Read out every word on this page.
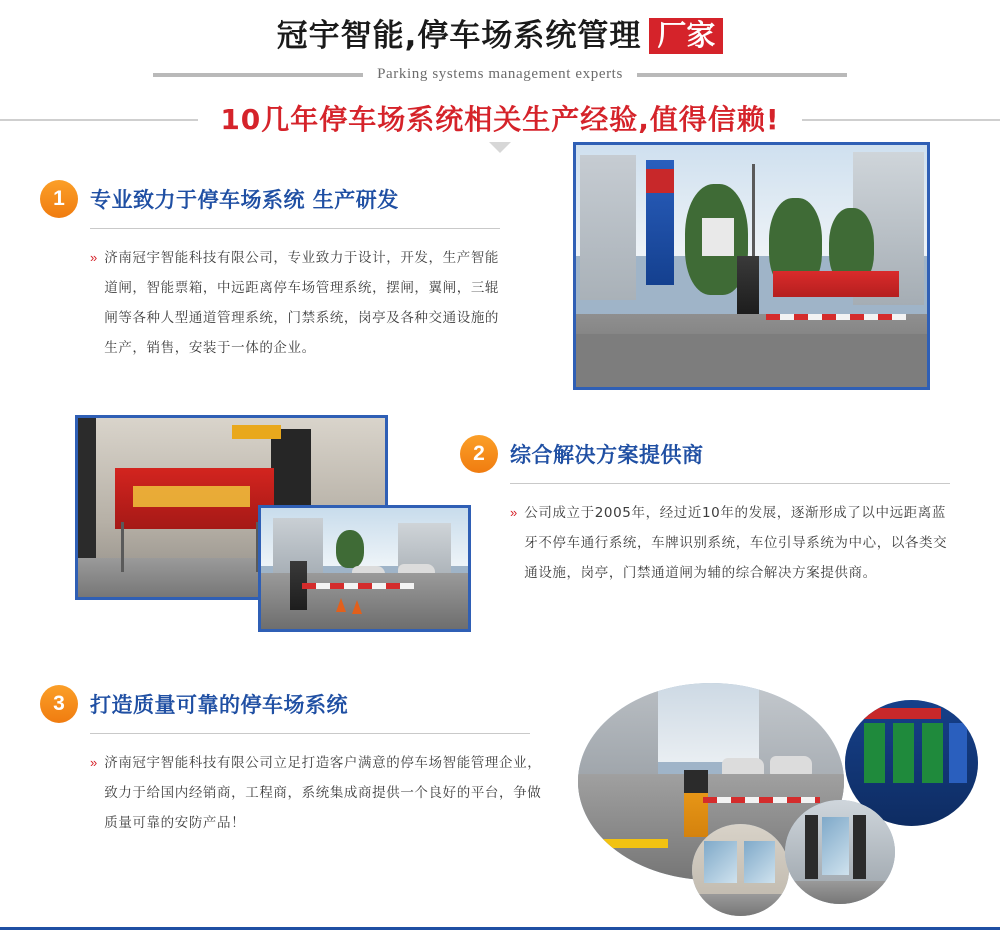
冠宇智能,停车场系统管理 厂家
Parking systems management experts
10几年停车场系统相关生产经验,值得信赖!
1	专业致力于停车场系统 生产研发
» 济南冠宇智能科技有限公司，专业致力于设计，开发，生产智能道闸，智能票箱，中远距离停车场管理系统，摆闸，翼闸，三辊闸等各种人型通道管理系统，门禁系统，岗亭及各种交通设施的生产，销售，安装于一体的企业。
2	综合解决方案提供商
» 公司成立于2005年，经过近10年的发展，逐渐形成了以中远距离蓝牙不停车通行系统，车牌识别系统，车位引导系统为中心，以各类交通设施，岗亭，门禁通道闸为辅的综合解决方案提供商。
3	打造质量可靠的停车场系统
» 济南冠宇智能科技有限公司立足打造客户满意的停车场智能管理企业，致力于给国内经销商，工程商，系统集成商提供一个良好的平台，争做质量可靠的安防产品！
